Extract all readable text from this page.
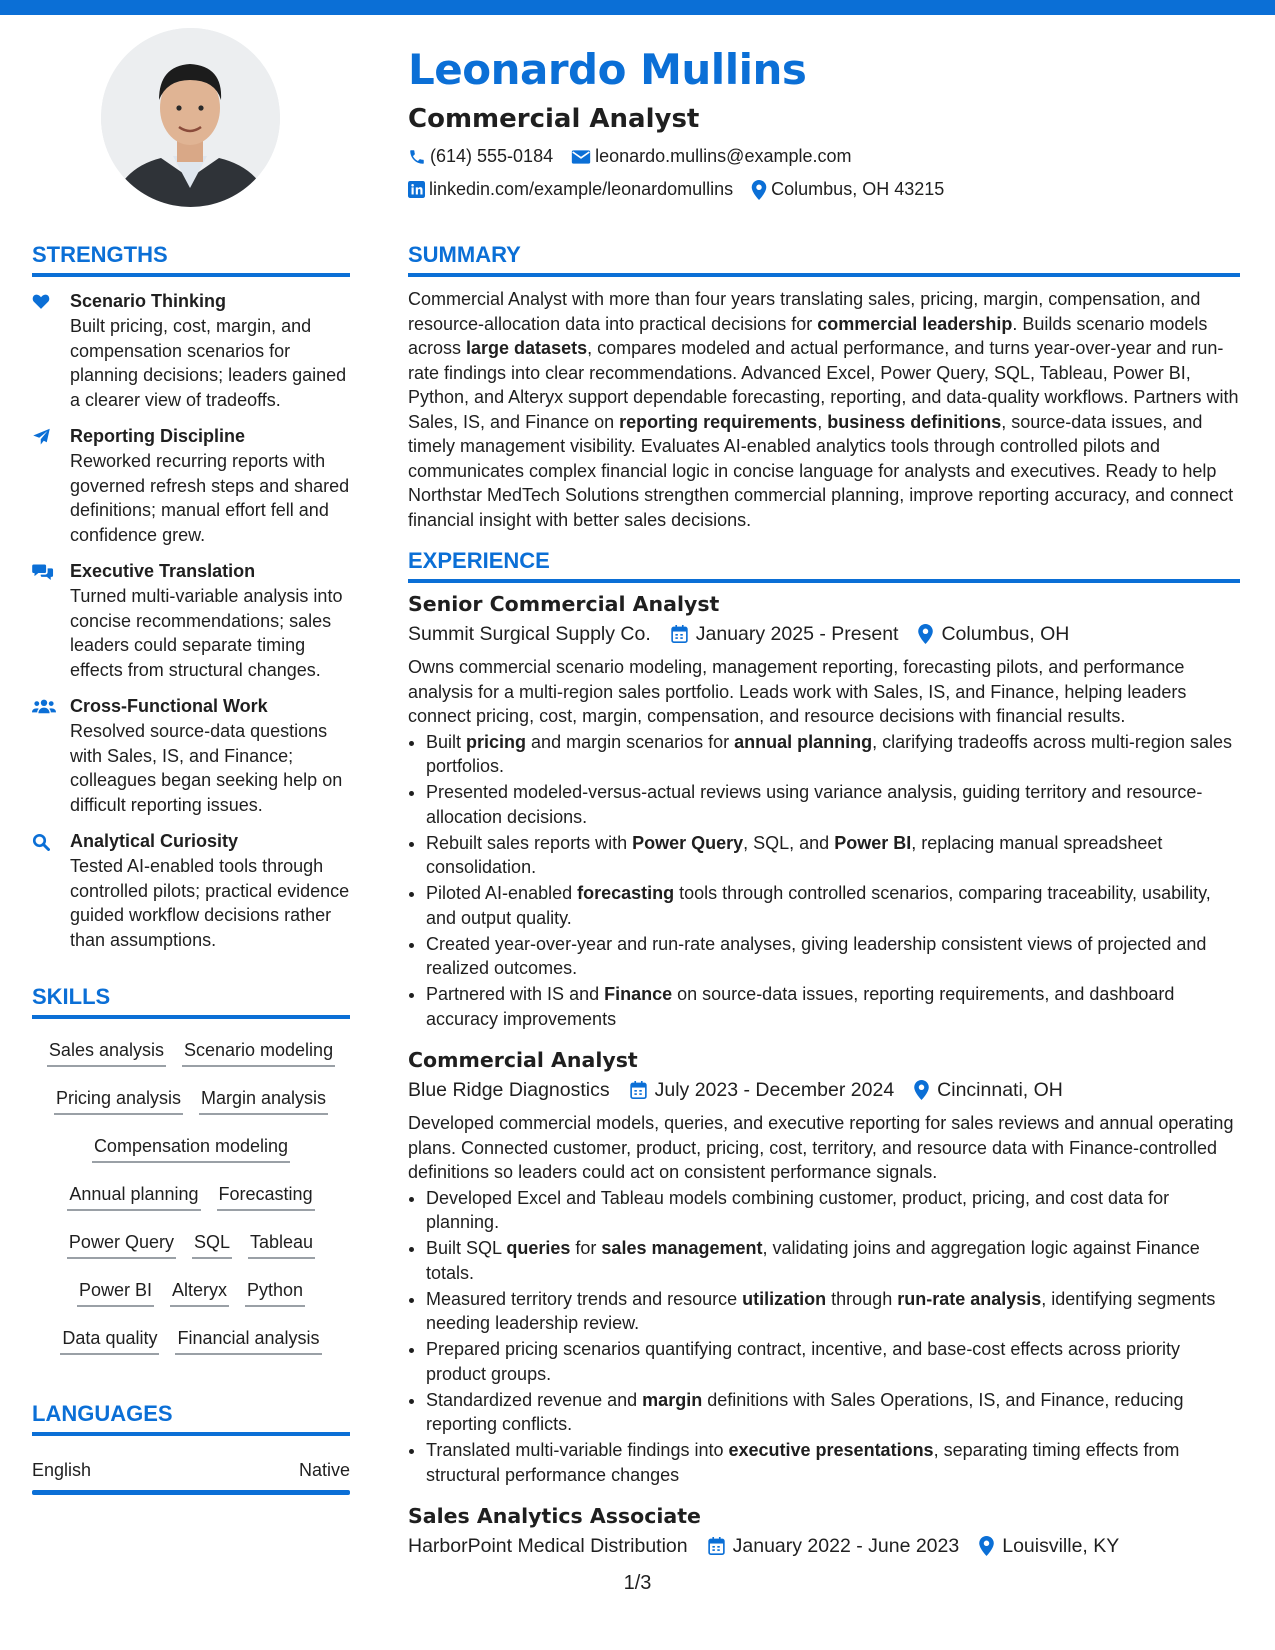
Leonardo Mullins
Commercial Analyst
(614) 555-0184 leonardo.mullins@example.com
linkedin.com/example/leonardomullins Columbus, OH 43215
STRENGTHS
Scenario Thinking

Built pricing, cost, margin, and compensation scenarios for planning decisions; leaders gained a clearer view of tradeoffs.

Reporting Discipline

Reworked recurring reports with governed refresh steps and shared definitions; manual effort fell and confidence grew.

Executive Translation

Turned multi-variable analysis into concise recommendations; sales leaders could separate timing effects from structural changes.

Cross-Functional Work

Resolved source-data questions with Sales, IS, and Finance; colleagues began seeking help on difficult reporting issues.

Analytical Curiosity

Tested AI-enabled tools through controlled pilots; practical evidence guided workflow decisions rather than assumptions.

SKILLS
Sales analysis Scenario modeling
Pricing analysis Margin analysis
Compensation modeling
Annual planning Forecasting
Power Query SQL Tableau
Power BI Alteryx Python
Data quality Financial analysis
LANGUAGES
English	Native
SUMMARY

Commercial Analyst with more than four years translating sales, pricing, margin, compensation, and resource-allocation data into practical decisions for commercial leadership. Builds scenario models across large datasets, compares modeled and actual performance, and turns year-over-year and run-rate findings into clear recommendations. Advanced Excel, Power Query, SQL, Tableau, Power BI, Python, and Alteryx support dependable forecasting, reporting, and data-quality workflows. Partners with Sales, IS, and Finance on reporting requirements, business definitions, source-data issues, and timely management visibility. Evaluates AI-enabled analytics tools through controlled pilots and communicates complex financial logic in concise language for analysts and executives. Ready to help Northstar MedTech Solutions strengthen commercial planning, improve reporting accuracy, and connect financial insight with better sales decisions.

EXPERIENCE
Senior Commercial Analyst
Summit Surgical Supply Co. January 2025 - Present Columbus, OH

Owns commercial scenario modeling, management reporting, forecasting pilots, and performance analysis for a multi-region sales portfolio. Leads work with Sales, IS, and Finance, helping leaders connect pricing, cost, margin, compensation, and resource decisions with financial results.

• Built pricing and margin scenarios for annual planning, clarifying tradeoffs across multi-region sales portfolios.
• Presented modeled-versus-actual reviews using variance analysis, guiding territory and resource-allocation decisions.
• Rebuilt sales reports with Power Query, SQL, and Power BI, replacing manual spreadsheet consolidation.
• Piloted AI-enabled forecasting tools through controlled scenarios, comparing traceability, usability, and output quality.
• Created year-over-year and run-rate analyses, giving leadership consistent views of projected and realized outcomes.
• Partnered with IS and Finance on source-data issues, reporting requirements, and dashboard accuracy improvements
Commercial Analyst
Blue Ridge Diagnostics July 2023 - December 2024 Cincinnati, OH

Developed commercial models, queries, and executive reporting for sales reviews and annual operating plans. Connected customer, product, pricing, cost, territory, and resource data with Finance-controlled definitions so leaders could act on consistent performance signals.

• Developed Excel and Tableau models combining customer, product, pricing, and cost data for planning.
• Built SQL queries for sales management, validating joins and aggregation logic against Finance totals.
• Measured territory trends and resource utilization through run-rate analysis, identifying segments needing leadership review.
• Prepared pricing scenarios quantifying contract, incentive, and base-cost effects across priority product groups.
• Standardized revenue and margin definitions with Sales Operations, IS, and Finance, reducing reporting conflicts.
• Translated multi-variable findings into executive presentations, separating timing effects from structural performance changes
Sales Analytics Associate
HarborPoint Medical Distribution January 2022 - June 2023 Louisville, KY
1/3
